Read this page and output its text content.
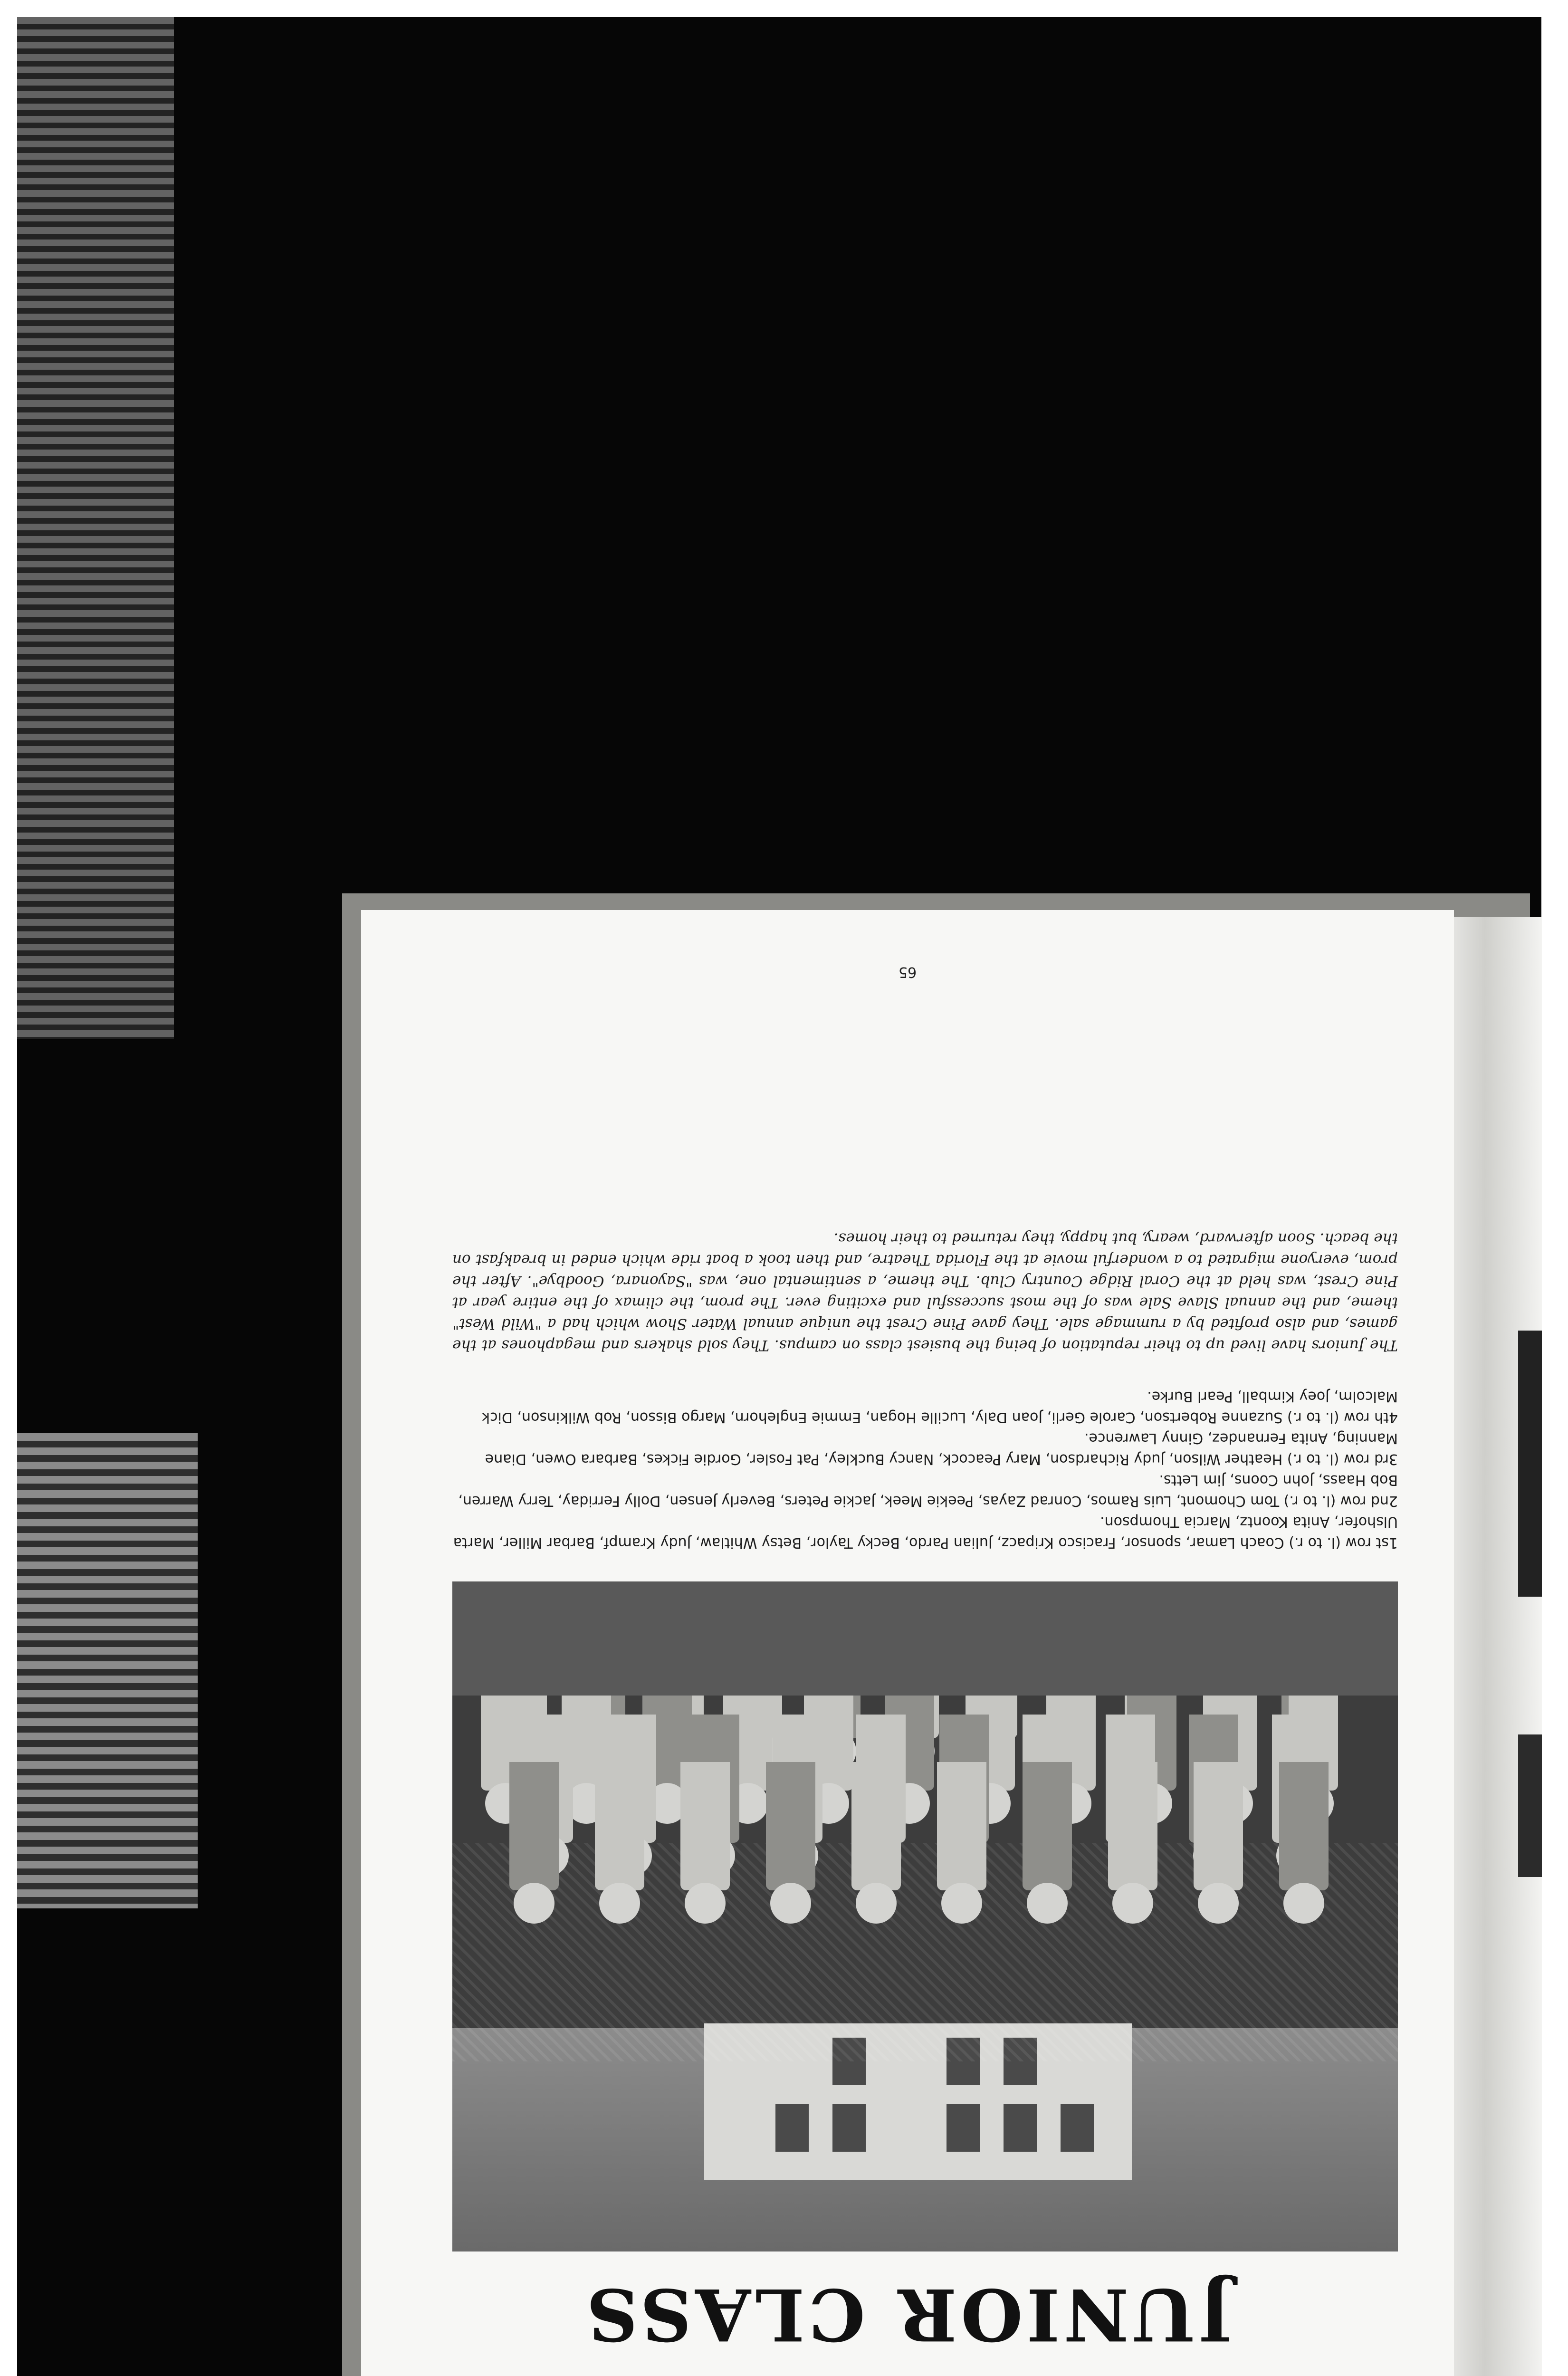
JUNIOR CLASS

1st row (l. to r.) Coach Lamar, sponsor, Fracisco Kripacz, Julian Pardo, Becky Taylor, Betsy Whitlaw, Judy Krampf, Barbar Miller, Marta Ulshofer, Anita Koontz, Marcia Thompson.

2nd row (l. to r.) Tom Chomont, Luis Ramos, Conrad Zayas, Peekie Meek, Jackie Peters, Beverly Jensen, Dolly Ferriday, Terry Warren, Bob Haass, John Coons, Jim Letts.

3rd row (l. to r.) Heather Wilson, Judy Richardson, Mary Peacock, Nancy Buckley, Pat Fosler, Gordie Fickes, Barbara Owen, Diane Manning, Anita Fernandez, Ginny Lawrence.

4th row (l. to r.) Suzanne Robertson, Carole Gerli, Joan Daly, Lucille Hogan, Emmie Englehorn, Margo Bisson, Rob Wilkinson, Dick Malcolm, Joey Kimball, Pearl Burke.

The Juniors have lived up to their reputation of being the busiest class on campus. They sold shakers and megaphones at the games, and also profited by a rummage sale. They gave Pine Crest the unique annual Water Show which had a "Wild West" theme, and the annual Slave Sale was of the most successful and exciting ever. The prom, the climax of the entire year at Pine Crest, was held at the Coral Ridge Country Club. The theme, a sentimental one, was "Sayonara, Goodbye". After the prom, everyone migrated to a wonderful movie at the Florida Theatre, and then took a boat ride which ended in breakfast on the beach. Soon afterward, weary, but happy, they returned to their homes.

65
